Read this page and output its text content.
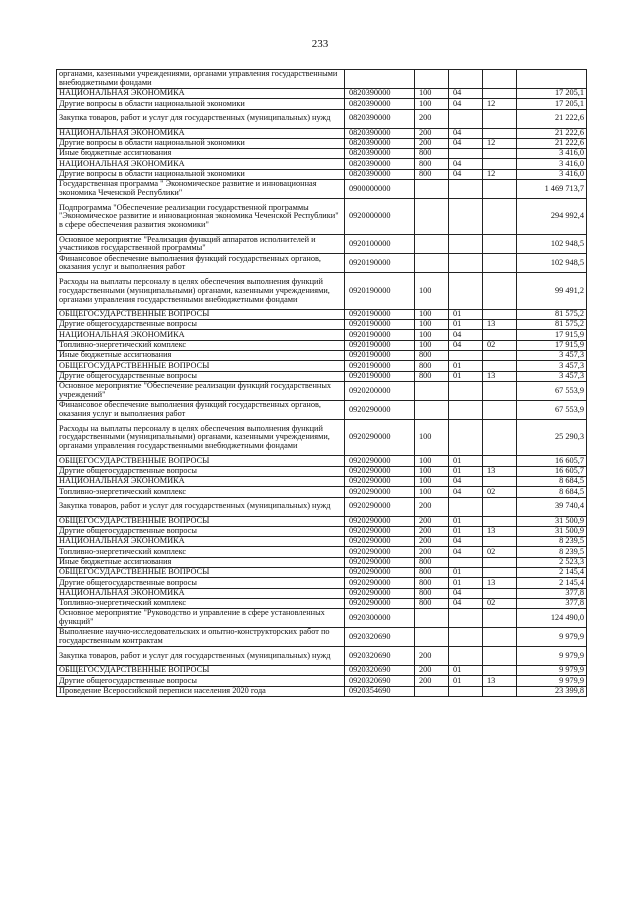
233
органами, казенными учреждениями, органами управления государственными внебюджетными фондами					
НАЦИОНАЛЬНАЯ ЭКОНОМИКА	0820390000	100	04		17 205,1
Другие вопросы в области национальной экономики	0820390000	100	04	12	17 205,1
Закупка товаров, работ и услуг для государственных (муниципальных) нужд	0820390000	200			21 222,6
НАЦИОНАЛЬНАЯ ЭКОНОМИКА	0820390000	200	04		21 222,6
Другие вопросы в области национальной экономики	0820390000	200	04	12	21 222,6
Иные бюджетные ассигнования	0820390000	800			3 416,0
НАЦИОНАЛЬНАЯ ЭКОНОМИКА	0820390000	800	04		3 416,0
Другие вопросы в области национальной экономики	0820390000	800	04	12	3 416,0
Государственная программа " Экономическое развитие и инновационная экономика Чеченской Республики"	0900000000				1 469 713,7
Подпрограмма "Обеспечение реализации государственной программы "Экономическое развитие и инновационная экономика Чеченской Республики" в сфере обеспечения развития экономики"	0920000000				294 992,4
Основное мероприятие "Реализация функций аппаратов исполнителей и участников государственной программы"	0920100000				102 948,5
Финансовое обеспечение выполнения функций государственных органов, оказания услуг и выполнения работ	0920190000				102 948,5
Расходы на выплаты персоналу в целях обеспечения выполнения функций государственными (муниципальными) органами, казенными учреждениями, органами управления государственными внебюджетными фондами	0920190000	100			99 491,2
ОБЩЕГОСУДАРСТВЕННЫЕ ВОПРОСЫ	0920190000	100	01		81 575,2
Другие общегосударственные вопросы	0920190000	100	01	13	81 575,2
НАЦИОНАЛЬНАЯ ЭКОНОМИКА	0920190000	100	04		17 915,9
Топливно-энергетический комплекс	0920190000	100	04	02	17 915,9
Иные бюджетные ассигнования	0920190000	800			3 457,3
ОБЩЕГОСУДАРСТВЕННЫЕ ВОПРОСЫ	0920190000	800	01		3 457,3
Другие общегосударственные вопросы	0920190000	800	01	13	3 457,3
Основное мероприятие "Обеспечение реализации функций государственных учреждений"	0920200000				67 553,9
Финансовое обеспечение выполнения функций государственных органов, оказания услуг и выполнения работ	0920290000				67 553,9
Расходы на выплаты персоналу в целях обеспечения выполнения функций государственными (муниципальными) органами, казенными учреждениями, органами управления государственными внебюджетными фондами	0920290000	100			25 290,3
ОБЩЕГОСУДАРСТВЕННЫЕ ВОПРОСЫ	0920290000	100	01		16 605,7
Другие общегосударственные вопросы	0920290000	100	01	13	16 605,7
НАЦИОНАЛЬНАЯ ЭКОНОМИКА	0920290000	100	04		8 684,5
Топливно-энергетический комплекс	0920290000	100	04	02	8 684,5
Закупка товаров, работ и услуг для государственных (муниципальных) нужд	0920290000	200			39 740,4
ОБЩЕГОСУДАРСТВЕННЫЕ ВОПРОСЫ	0920290000	200	01		31 500,9
Другие общегосударственные вопросы	0920290000	200	01	13	31 500,9
НАЦИОНАЛЬНАЯ ЭКОНОМИКА	0920290000	200	04		8 239,5
Топливно-энергетический комплекс	0920290000	200	04	02	8 239,5
Иные бюджетные ассигнования	0920290000	800			2 523,3
ОБЩЕГОСУДАРСТВЕННЫЕ ВОПРОСЫ	0920290000	800	01		2 145,4
Другие общегосударственные вопросы	0920290000	800	01	13	2 145,4
НАЦИОНАЛЬНАЯ ЭКОНОМИКА	0920290000	800	04		377,8
Топливно-энергетический комплекс	0920290000	800	04	02	377,8
Основное мероприятие "Руководство и управление в сфере установленных функций"	0920300000				124 490,0
Выполнение научно-исследовательских и опытно-конструкторских работ по государственным контрактам	0920320690				9 979,9
Закупка товаров, работ и услуг для государственных (муниципальных) нужд	0920320690	200			9 979,9
ОБЩЕГОСУДАРСТВЕННЫЕ ВОПРОСЫ	0920320690	200	01		9 979,9
Другие общегосударственные вопросы	0920320690	200	01	13	9 979,9
Проведение Всероссийской переписи населения 2020 года	0920354690				23 399,8
